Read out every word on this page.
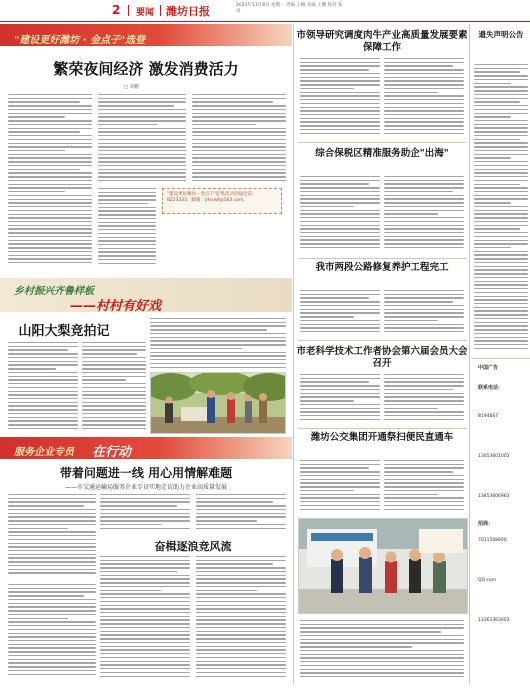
2 要闻 潍坊日报	2021年11月8日 星期一 责编 王楠 美编 王鹏 校对 宋涛
"建设更好潍坊 · 金点子"选登
繁荣夜间经济 激发消费活力
□ 刘鹏
"建设更好潍坊 · 金点子"征集活动热线电话：8223333，邮箱：jdsswf@163.com。
乡村振兴齐鲁样板
——村村有好戏
山阳大梨竞拍记
服务企业专员 在行动
带着问题进一线 用心用情解难题
——市交通运输局服务企业专员实地走访助力企业高质量发展
奋楫逐浪竞风流
市领导研究调度肉牛产业高质量发展要素保障工作
综合保税区精准服务助企"出海"
我市两段公路修复养护工程完工
市老科学技术工作者协会第六届会员大会召开
潍坊公交集团开通祭扫便民直通车
遗失声明公告
中国广告
联系电话：
8194667
13653601003
13853606963
招商：
7011508600
QQ.com
13363363003
